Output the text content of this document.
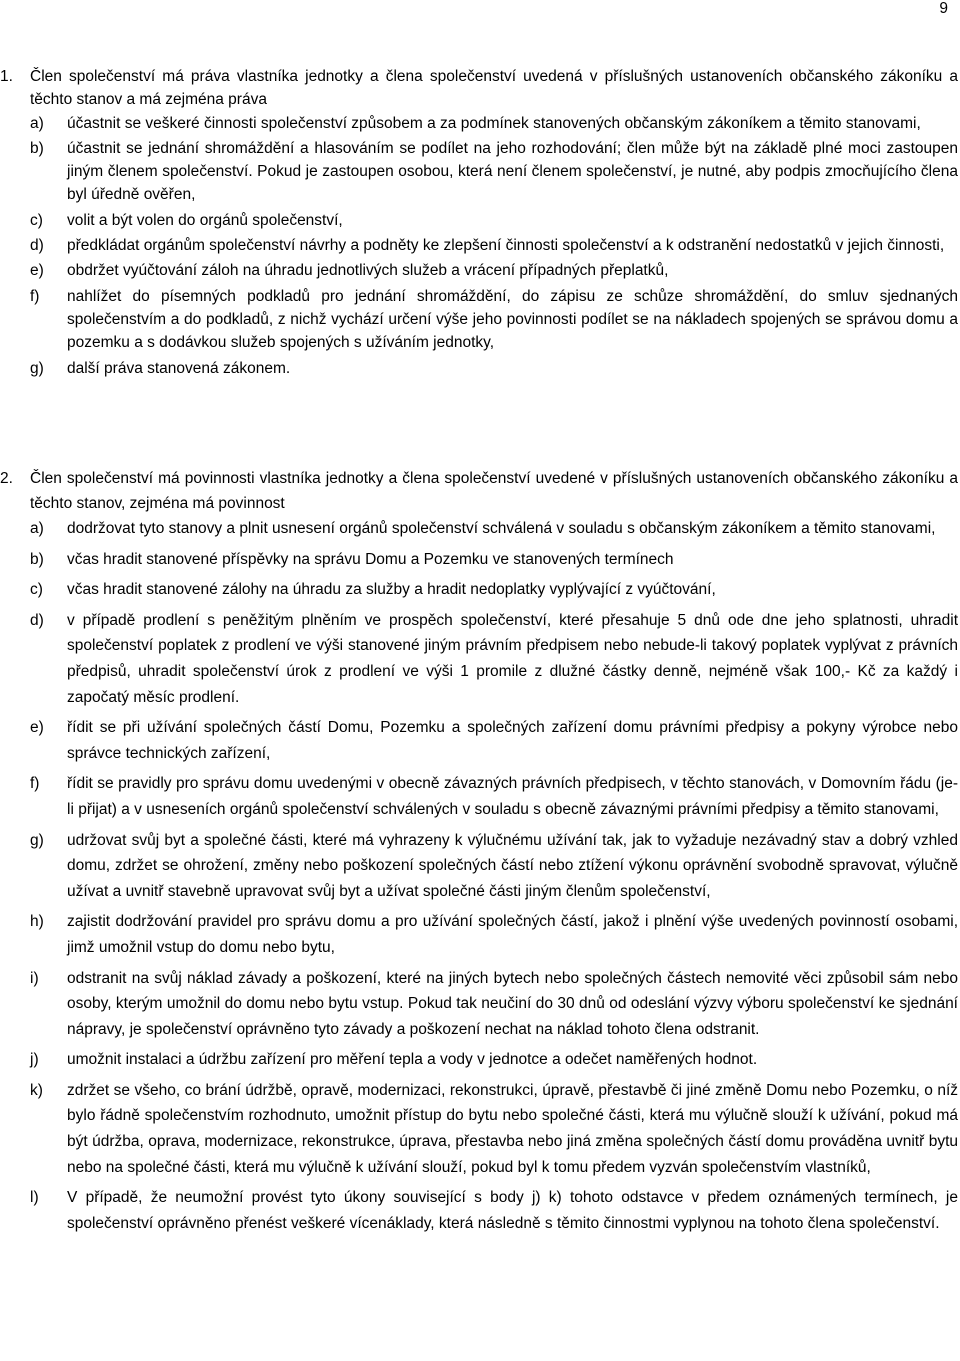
9
1.	Člen společenství má práva vlastníka jednotky a člena společenství uvedená v příslušných ustanoveních občanského zákoníku a těchto stanov a má zejména práva
a)	účastnit se veškeré činnosti společenství způsobem a za podmínek stanovených občanským zákoníkem a těmito stanovami,
b)	účastnit se jednání shromáždění a hlasováním se podílet na jeho rozhodování; člen může být na základě plné moci zastoupen jiným členem společenství. Pokud je zastoupen osobou, která není členem společenství, je nutné, aby podpis zmocňujícího člena byl úředně ověřen,
c)	volit a být volen do orgánů společenství,
d)	předkládat orgánům společenství návrhy a podněty ke zlepšení činnosti společenství a k odstranění nedostatků v jejich činnosti,
e)	obdržet vyúčtování záloh na úhradu jednotlivých služeb a vrácení případných přeplatků,
f)	nahlížet do písemných podkladů pro jednání shromáždění, do zápisu ze schůze shromáždění, do smluv sjednaných společenstvím a do podkladů, z nichž vychází určení výše jeho povinnosti podílet se na nákladech spojených se správou domu a pozemku a s dodávkou služeb spojených s užíváním jednotky,
g)	další práva stanovená zákonem.
2.	Člen společenství má povinnosti vlastníka jednotky a člena společenství uvedené v příslušných ustanoveních občanského zákoníku a těchto stanov, zejména má povinnost
a)	dodržovat tyto stanovy a plnit usnesení orgánů společenství schválená v souladu s občanským zákoníkem a těmito stanovami,
b)	včas hradit stanovené příspěvky na správu Domu a Pozemku ve stanovených termínech
c)	včas hradit stanovené zálohy na úhradu za služby a hradit nedoplatky vyplývající z vyúčtování,
d)	v případě prodlení s peněžitým plněním ve prospěch společenství, které přesahuje 5 dnů ode dne jeho splatnosti, uhradit společenství poplatek z prodlení ve výši stanovené jiným právním předpisem nebo nebude-li takový poplatek vyplývat z právních předpisů, uhradit společenství úrok z prodlení ve výši 1 promile z dlužné částky denně, nejméně však 100,- Kč za každý i započatý měsíc prodlení.
e)	řídit se při užívání společných částí Domu, Pozemku a společných zařízení domu právními předpisy a pokyny výrobce nebo správce technických zařízení,
f)	řídit se pravidly pro správu domu uvedenými v obecně závazných právních předpisech, v těchto stanovách, v Domovním řádu (je-li přijat) a v usneseních orgánů společenství schválených v souladu s obecně závaznými právními předpisy a těmito stanovami,
g)	udržovat svůj byt a společné části, které má vyhrazeny k výlučnému užívání tak, jak to vyžaduje nezávadný stav a dobrý vzhled domu, zdržet se ohrožení, změny nebo poškození společných částí nebo ztížení výkonu oprávnění svobodně spravovat, výlučně užívat a uvnitř stavebně upravovat svůj byt a užívat společné části jiným členům společenství,
h)	zajistit dodržování pravidel pro správu domu a pro užívání společných částí, jakož i plnění výše uvedených povinností osobami, jimž umožnil vstup do domu nebo bytu,
i)	odstranit na svůj náklad závady a poškození, které na jiných bytech nebo společných částech nemovité věci způsobil sám nebo osoby, kterým umožnil do domu nebo bytu vstup. Pokud tak neučiní do 30 dnů od odeslání výzvy výboru společenství ke sjednání nápravy, je společenství oprávněno tyto závady a poškození nechat na náklad tohoto člena odstranit.
j)	umožnit instalaci a údržbu zařízení pro měření tepla a vody v jednotce a odečet naměřených hodnot.
k)	zdržet se všeho, co brání údržbě, opravě, modernizaci, rekonstrukci, úpravě, přestavbě či jiné změně Domu nebo Pozemku, o níž bylo řádně společenstvím rozhodnuto, umožnit přístup do bytu nebo společné části, která mu výlučně slouží k užívání, pokud má být údržba, oprava, modernizace, rekonstrukce, úprava, přestavba nebo jiná změna společných částí domu prováděna uvnitř bytu nebo na společné části, která mu výlučně k užívání slouží, pokud byl k tomu předem vyzván společenstvím vlastníků,
l)	V případě, že neumožní provést tyto úkony související s body j) k) tohoto odstavce v předem oznámených termínech, je společenství oprávněno přenést veškeré vícenáklady, která následně s těmito činnostmi vyplynou na tohoto člena společenství.
